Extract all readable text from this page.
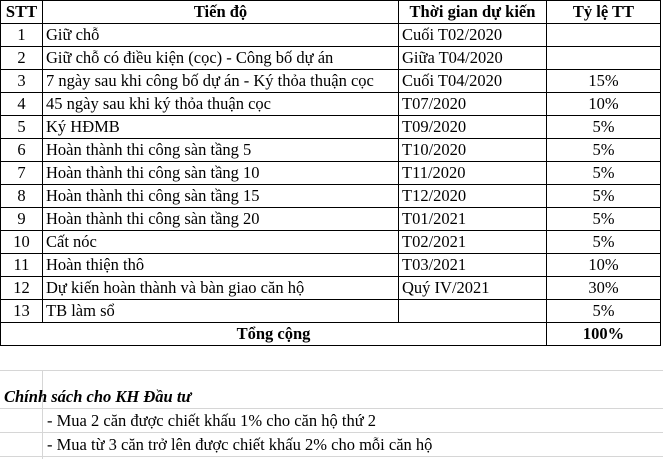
STT	Tiến độ	Thời gian dự kiến	Tỷ lệ TT
1	Giữ chỗ	Cuối T02/2020	
2	Giữ chỗ có điều kiện (cọc) - Công bố dự án	Giữa T04/2020	
3	7 ngày sau khi công bố dự án - Ký thỏa thuận cọc	Cuối T04/2020	15%
4	45 ngày sau khi ký thỏa thuận cọc	T07/2020	10%
5	Ký HĐMB	T09/2020	5%
6	Hoàn thành thi công sàn tầng 5	T10/2020	5%
7	Hoàn thành thi công sàn tầng 10	T11/2020	5%
8	Hoàn thành thi công sàn tầng 15	T12/2020	5%
9	Hoàn thành thi công sàn tầng 20	T01/2021	5%
10	Cất nóc	T02/2021	5%
11	Hoàn thiện thô	T03/2021	10%
12	Dự kiến hoàn thành và bàn giao căn hộ	Quý IV/2021	30%
13	TB làm sổ		5%
Tổng cộng			100%
Chính sách cho KH Đầu tư
- Mua 2 căn được chiết khấu 1% cho căn hộ thứ 2
- Mua từ 3 căn trở lên được chiết khấu 2% cho mỗi căn hộ
